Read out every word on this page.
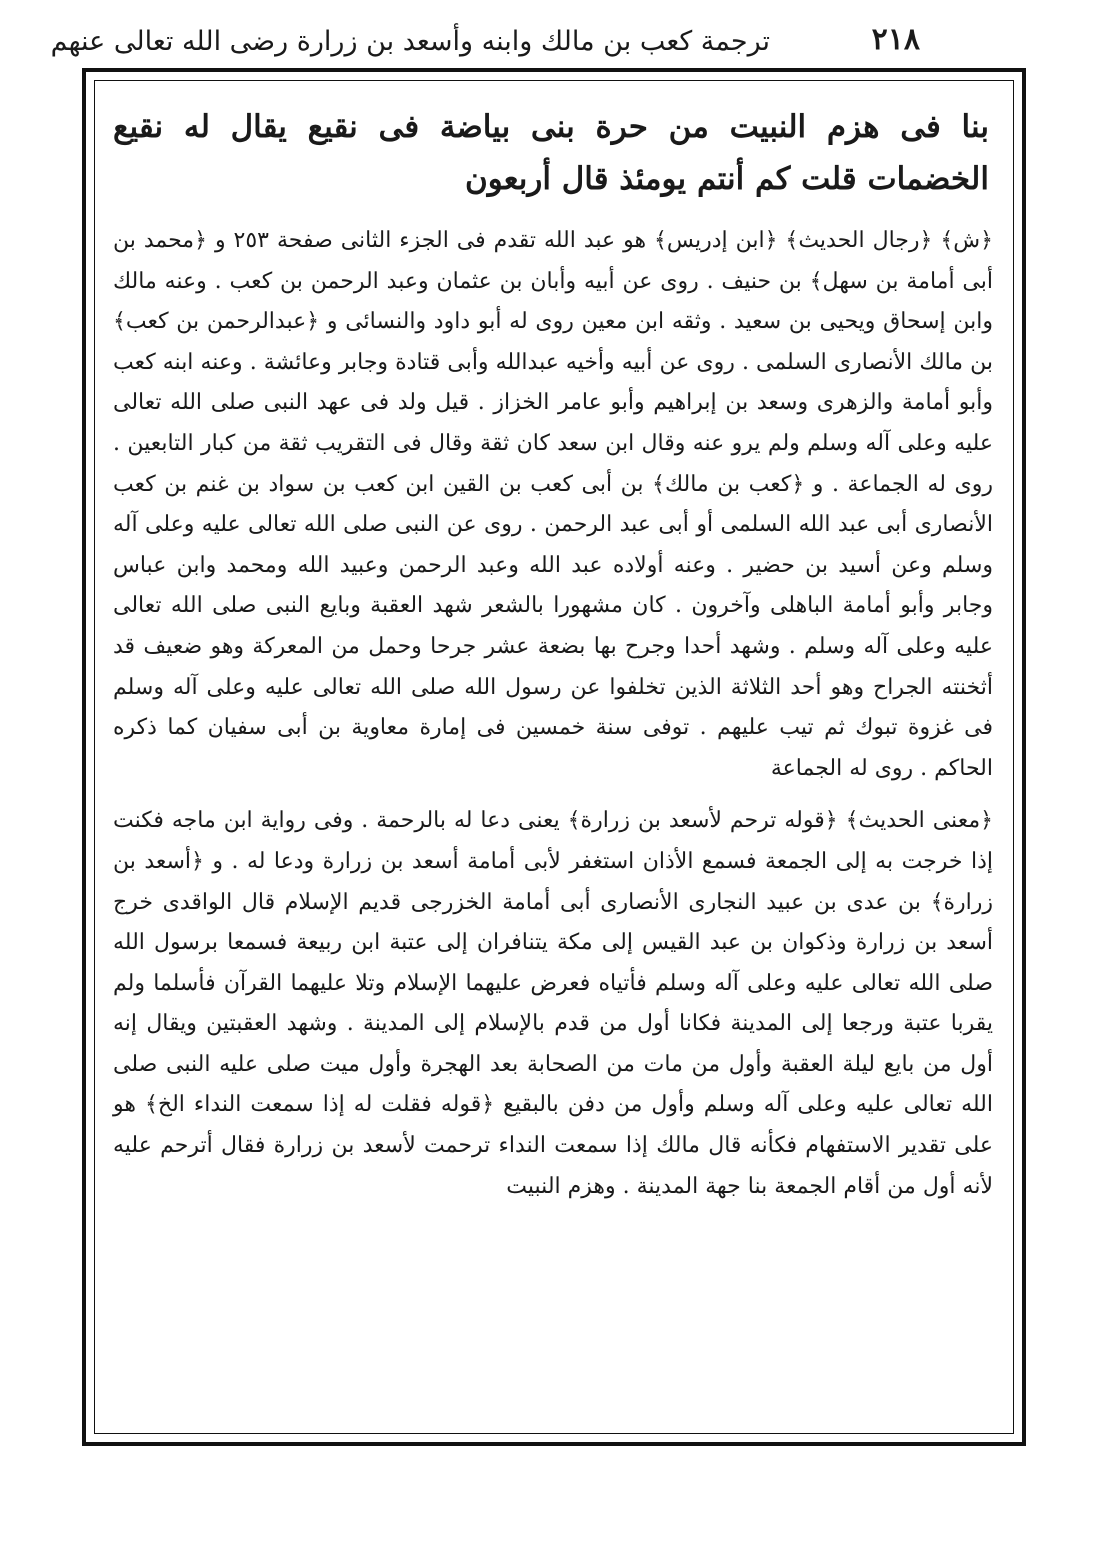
٢١٨
ترجمة كعب بن مالك وابنه وأسعد بن زرارة رضى الله تعالى عنهم

بنا فى هزم النبيت من حرة بنى بياضة فى نقيع يقال له نقيع الخضمات قلت كم أنتم يومئذ قال أربعون

﴿ش﴾ ﴿رجال الحديث﴾ ﴿ابن إدريس﴾ هو عبد الله تقدم فى الجزء الثانى صفحة ٢٥٣ و ﴿محمد بن أبى أمامة بن سهل﴾ بن حنيف . روى عن أبيه وأبان بن عثمان وعبد الرحمن بن كعب . وعنه مالك وابن إسحاق ويحيى بن سعيد . وثقه ابن معين روى له أبو داود والنسائى و ﴿عبدالرحمن بن كعب﴾ بن مالك الأنصارى السلمى . روى عن أبيه وأخيه عبدالله وأبى قتادة وجابر وعائشة . وعنه ابنه كعب وأبو أمامة والزهرى وسعد بن إبراهيم وأبو عامر الخزاز . قيل ولد فى عهد النبى صلى الله تعالى عليه وعلى آله وسلم ولم يرو عنه وقال ابن سعد كان ثقة وقال فى التقريب ثقة من كبار التابعين . روى له الجماعة . و ﴿كعب بن مالك﴾ بن أبى كعب بن القين ابن كعب بن سواد بن غنم بن كعب الأنصارى أبى عبد الله السلمى أو أبى عبد الرحمن . روى عن النبى صلى الله تعالى عليه وعلى آله وسلم وعن أسيد بن حضير . وعنه أولاده عبد الله وعبد الرحمن وعبيد الله ومحمد وابن عباس وجابر وأبو أمامة الباهلى وآخرون . كان مشهورا بالشعر شهد العقبة وبايع النبى صلى الله تعالى عليه وعلى آله وسلم . وشهد أحدا وجرح بها بضعة عشر جرحا وحمل من المعركة وهو ضعيف قد أثخنته الجراح وهو أحد الثلاثة الذين تخلفوا عن رسول الله صلى الله تعالى عليه وعلى آله وسلم فى غزوة تبوك ثم تيب عليهم . توفى سنة خمسين فى إمارة معاوية بن أبى سفيان كما ذكره الحاكم . روى له الجماعة

﴿معنى الحديث﴾ ﴿قوله ترحم لأسعد بن زرارة﴾ يعنى دعا له بالرحمة . وفى رواية ابن ماجه فكنت إذا خرجت به إلى الجمعة فسمع الأذان استغفر لأبى أمامة أسعد بن زرارة ودعا له . و ﴿أسعد بن زرارة﴾ بن عدى بن عبيد النجارى الأنصارى أبى أمامة الخزرجى قديم الإسلام قال الواقدى خرج أسعد بن زرارة وذكوان بن عبد القيس إلى مكة يتنافران إلى عتبة ابن ربيعة فسمعا برسول الله صلى الله تعالى عليه وعلى آله وسلم فأتياه فعرض عليهما الإسلام وتلا عليهما القرآن فأسلما ولم يقربا عتبة ورجعا إلى المدينة فكانا أول من قدم بالإسلام إلى المدينة . وشهد العقبتين ويقال إنه أول من بايع ليلة العقبة وأول من مات من الصحابة بعد الهجرة وأول ميت صلى عليه النبى صلى الله تعالى عليه وعلى آله وسلم وأول من دفن بالبقيع ﴿قوله فقلت له إذا سمعت النداء الخ﴾ هو على تقدير الاستفهام فكأنه قال مالك إذا سمعت النداء ترحمت لأسعد بن زرارة فقال أترحم عليه لأنه أول من أقام الجمعة بنا جهة المدينة . وهزم النبيت
